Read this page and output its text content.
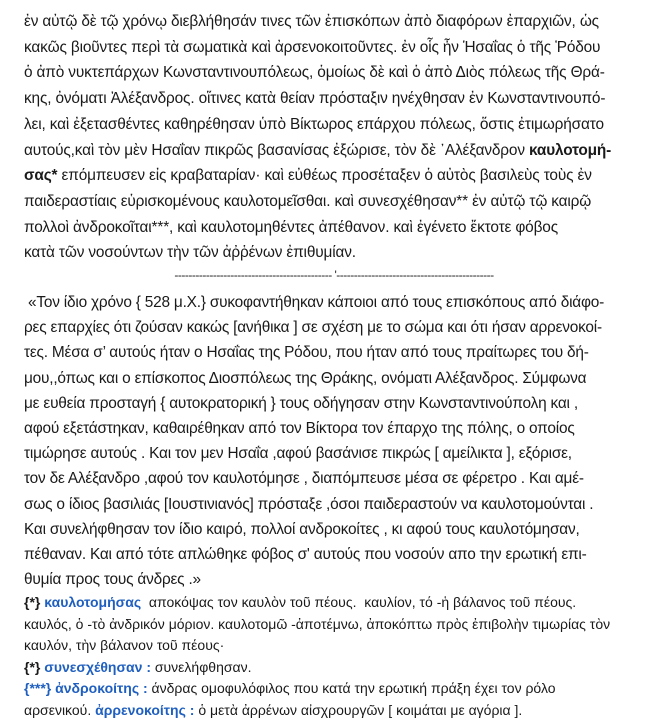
ἐν αὐτῷ δὲ τῷ χρόνῳ διεβλήθησάν τινες τῶν ἐπισκόπων ἀπὸ διαφόρων ἐπαρχιῶν, ὡς
κακῶς βιοῦντες περὶ τὰ σωματικὰ καὶ ἀρσενοκοιτοῦντες. ἐν οἷς ἦν Ἡσαΐας ὁ τῆς Ῥόδου
ὁ ἀπὸ νυκτεπάρχων Κωνσταντινουπόλεως, ὁμοίως δὲ καὶ ὁ ἀπὸ Διὸς πόλεως τῆς Θρά-
κης, ὀνόματι Ἀλέξανδρος. οἵτινες κατὰ θείαν πρόσταξιν ηνέχθησαν ἐν Κωνσταντινουπό-
λει, καὶ ἐξετασθέντες καθηρέθησαν ὑπὸ Βίκτωρος επάρχου πόλεως, ὅστις ἐτιμωρήσατο
αυτούς,καὶ τὸν μὲν Ησαΐαν πικρῶς βασανίσας ἐξώρισε, τὸν δὲ ᾿Αλέξανδρον καυλοτομή-
σας* επόμπευσεν εἰς κραβαταρίαν· καὶ εὐθέως προσέταξεν ὁ αὐτὸς βασιλεὺς τοὺς ἐν
παιδεραστίαις εὑρισκομένους καυλοτομεῖσθαι. καὶ συνεσχέθησαν** ἐν αὐτῷ τῷ καιρῷ
πολλοὶ ἀνδροκοῖται***, καὶ καυλοτομηθέντες ἀπέθανον. καὶ ἐγένετο ἔκτοτε φόβος
κατὰ τῶν νοσούντων τὴν τῶν ἀῤῥένων ἐπιθυμίαν.

--------------------------------------------- '---------------------------------------------

«Τον ίδιο χρόνο { 528 μ.Χ.} συκοφαντήθηκαν κάποιοι από τους επισκόπους από διάφο-
ρες επαρχίες ότι ζούσαν κακώς [ανήθικα ] σε σχέση με το σώμα και ότι ήσαν αρρενοκοί-
τες. Μέσα σ’ αυτούς ήταν ο Ησαΐας της Ρόδου, που ήταν από τους πραίτωρες του δή-
μου,,όπως και ο επίσκοπος Διοσπόλεως της Θράκης, ονόματι Αλέξανδρος. Σύμφωνα
με ευθεία προσταγή { αυτοκρατορική } τους οδήγησαν στην Κωνσταντινούπολη και ,
αφού εξετάστηκαν, καθαιρέθηκαν από τον Βίκτορα τον έπαρχο της πόλης, ο οποίος
τιμώρησε αυτούς . Και τον μεν Ησαΐα ,αφού βασάνισε πικρώς [ αμείλικτα ], εξόρισε,
τον δε Αλέξανδρο ,αφού τον καυλοτόμησε , διαπόμπευσε μέσα σε φέρετρο . Και αμέ-
σως ο ίδιος βασιλιάς [Ιουστινιανός] πρόσταξε ,όσοι παιδεραστούν να καυλοτομούνται .
Και συνελήφθησαν τον ίδιο καιρό, πολλοί ανδροκοίτες , κι αφού τους καυλοτόμησαν,
πέθαναν. Και από τότε απλώθηκε φόβος σ' αυτούς που νοσούν απο την ερωτική επι-
θυμία προς τους άνδρες .»

{*} καυλοτομήσας  αποκόψας τον καυλὸν τοῦ πέους.  καυλίον, τό -ἡ βάλανος τοῦ πέους.
καυλός, ὁ -τὸ ἀνδρικόν μόριον. καυλοτομῶ -ἀποτέμνω, ἀποκόπτω πρὸς ἐπιβολὴν τιμωρίας τὸν
καυλόν, τὴν βάλανον τοῦ πέους·
{*} συνεσχέθησαν : συνελήφθησαν.
{***} ἀνδροκοίτης : άνδρας ομοφυλόφιλος που κατά την ερωτική πράξη έχει τον ρόλο
αρσενικού. ἀρρενοκοίτης : ὁ μετὰ ἀρρένων αἰσχρουργῶν [ κοιμάται με αγόρια ].
